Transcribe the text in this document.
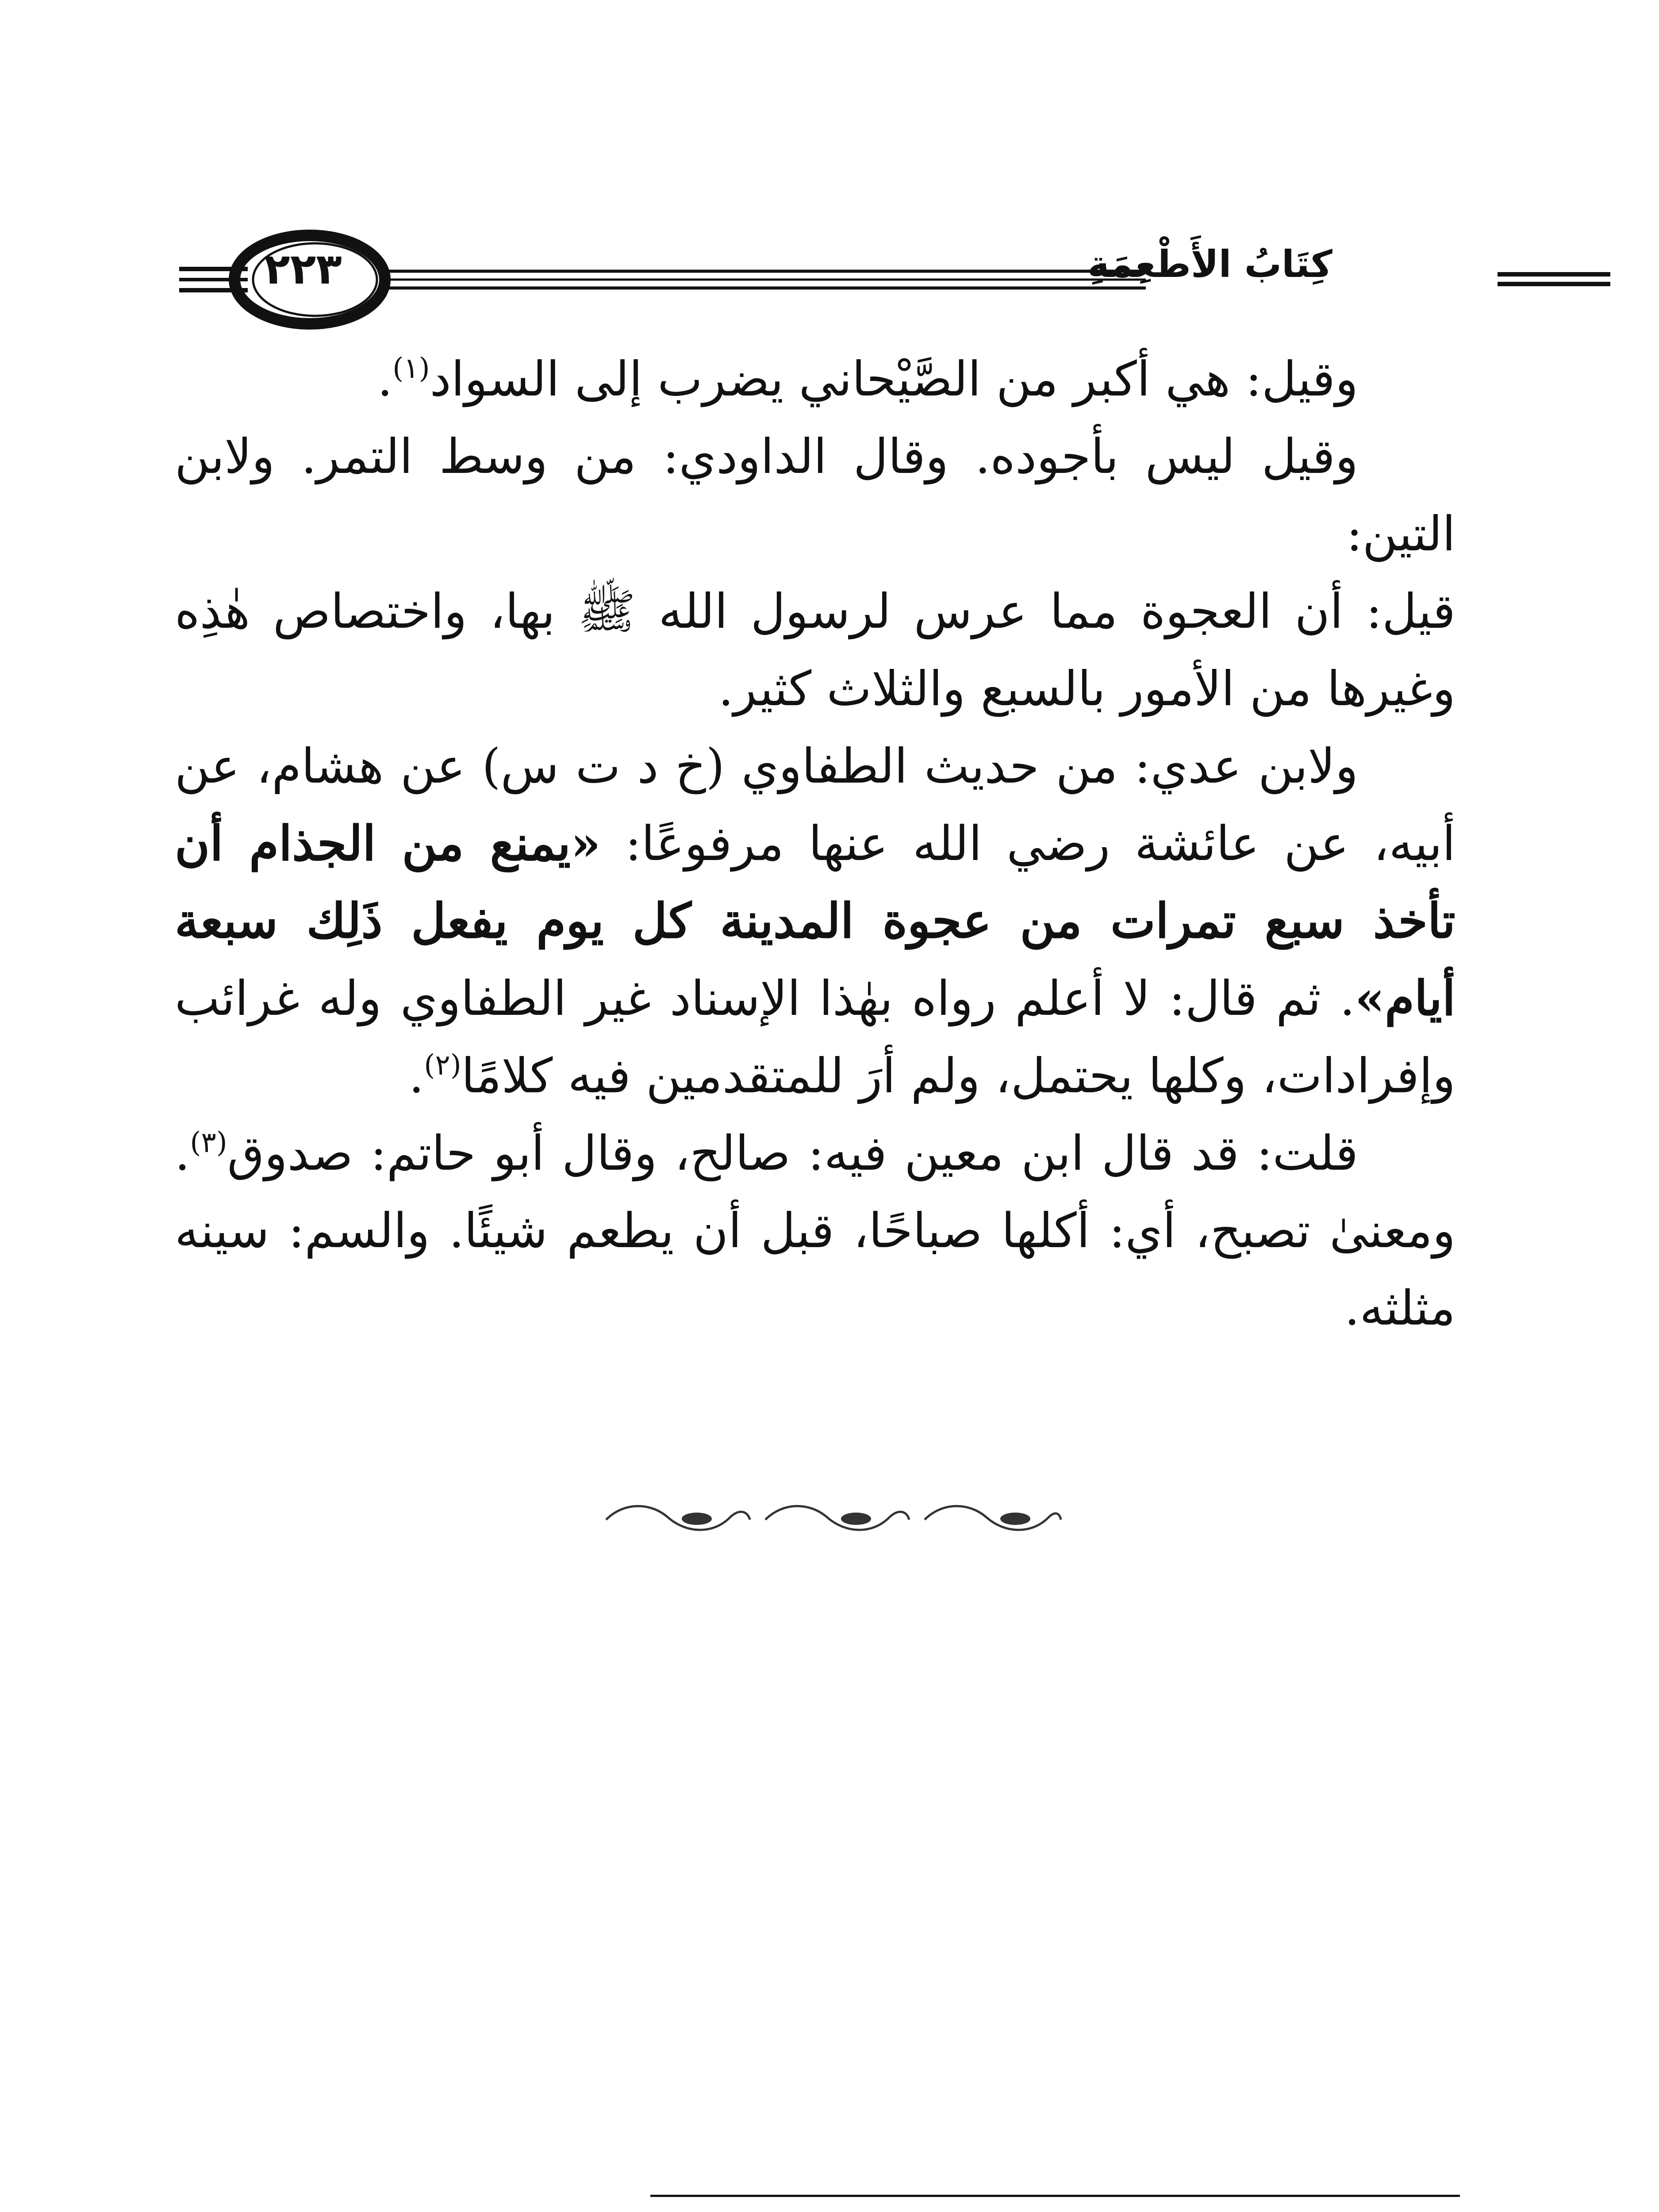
كِتَابُ الأَطْعِمَةِ
٢٢٣

وقيل: هي أكبر من الصَّيْحاني يضرب إلى السواد$^{(١)}$.

وقيل ليس بأجوده. وقال الداودي: من وسط التمر. ولابن التين:

قيل: أن العجوة مما عرس لرسول الله ﷺ بها، واختصاص هٰذِه وغيرها من الأمور بالسبع والثلاث كثير.

ولابن عدي: من حديث الطفاوي (خ د ت س) عن هشام، عن أبيه، عن عائشة رضي الله عنها مرفوعًا: «يمنع من الجذام أن تأخذ سبع تمرات من عجوة المدينة كل يوم يفعل ذَلِك سبعة أيام». ثم قال: لا أعلم رواه بهٰذا الإسناد غير الطفاوي وله غرائب وإفرادات، وكلها يحتمل، ولم أرَ للمتقدمين فيه كلامًا$^{(٢)}$.

قلت: قد قال ابن معين فيه: صالح، وقال أبو حاتم: صدوق$^{(٣)}$. ومعنىٰ تصبح، أي: أكلها صباحًا، قبل أن يطعم شيئًا. والسم: سينه مثلثه.
